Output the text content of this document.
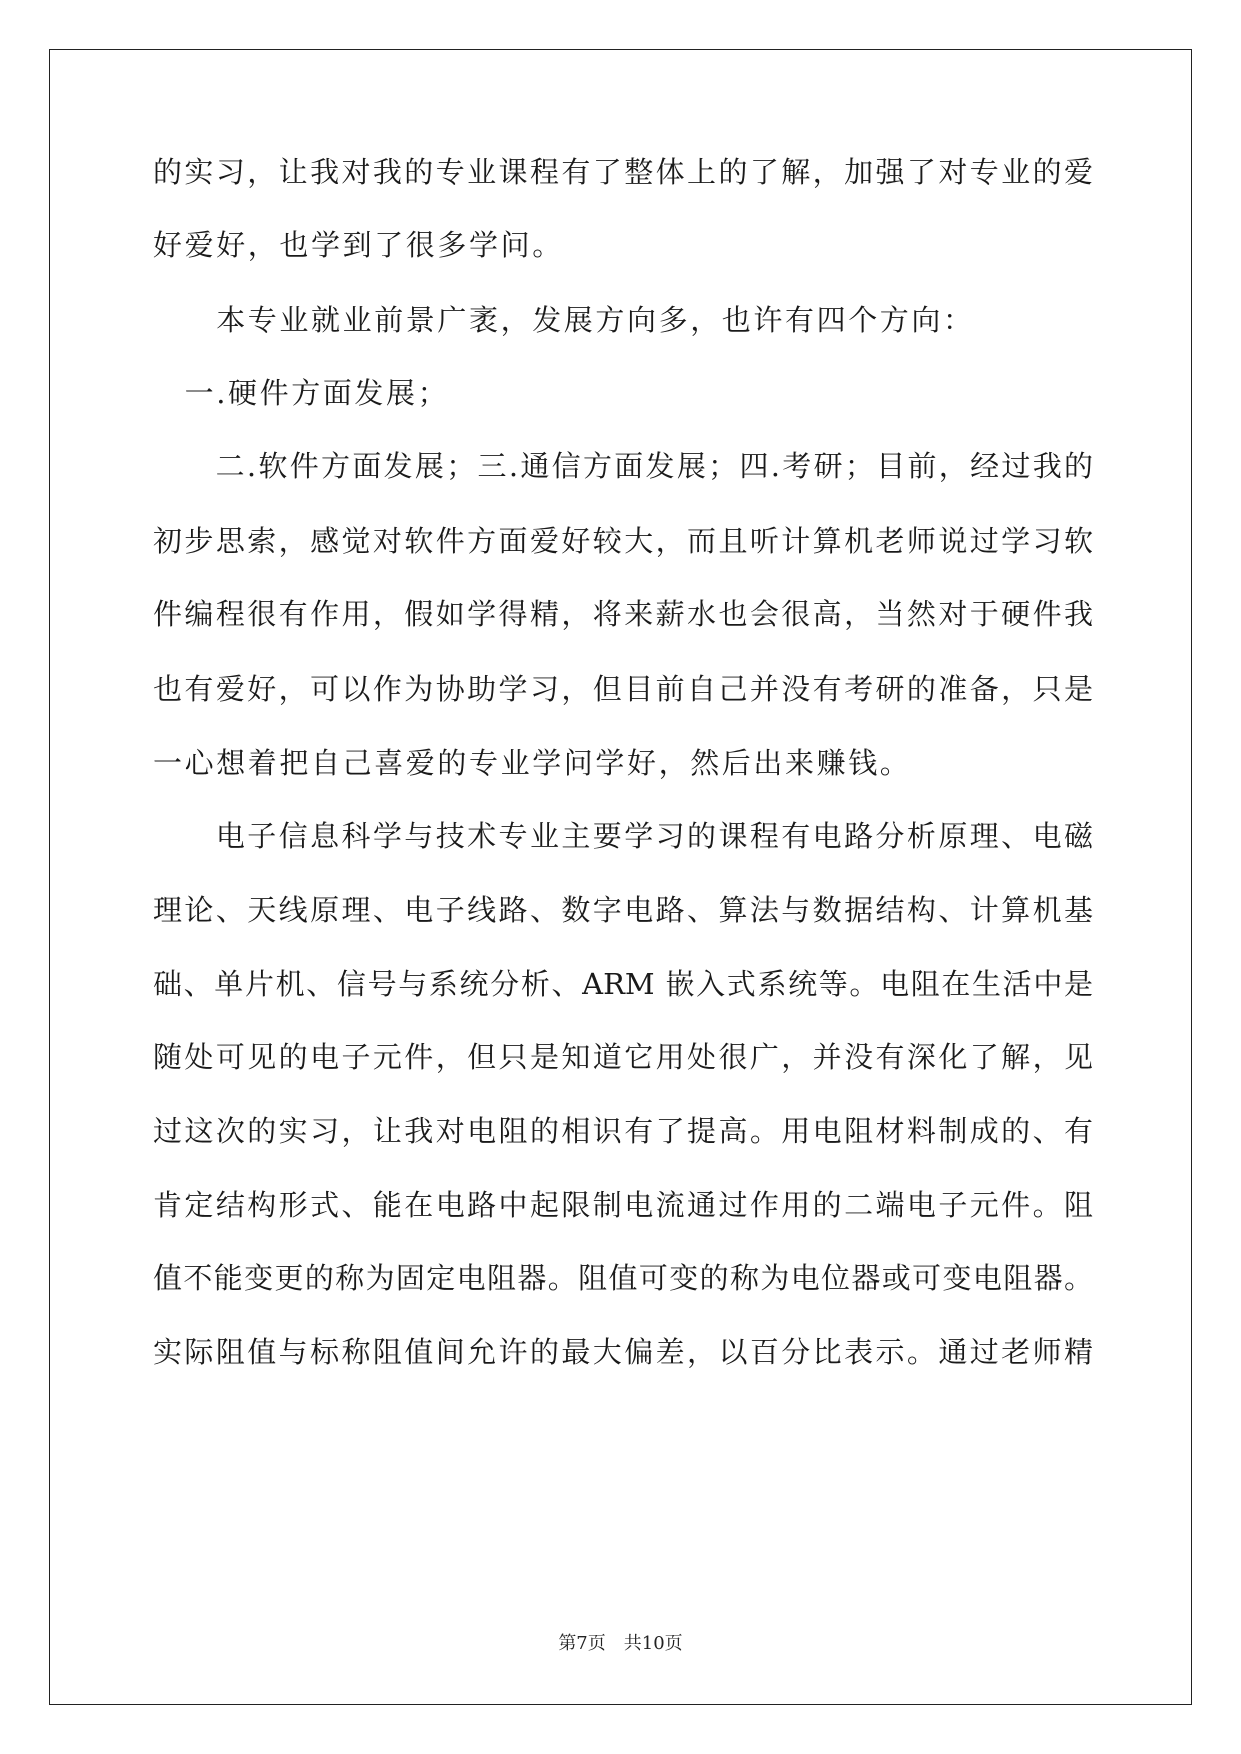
的实习，让我对我的专业课程有了整体上的了解，加强了对专业的爱
好爱好，也学到了很多学问。
　　本专业就业前景广袤，发展方向多，也许有四个方向：
　一.硬件方面发展；
　　二.软件方面发展；三.通信方面发展；四.考研；目前，经过我的
初步思索，感觉对软件方面爱好较大，而且听计算机老师说过学习软
件编程很有作用，假如学得精，将来薪水也会很高，当然对于硬件我
也有爱好，可以作为协助学习，但目前自己并没有考研的准备，只是
一心想着把自己喜爱的专业学问学好，然后出来赚钱。
　　电子信息科学与技术专业主要学习的课程有电路分析原理、电磁
理论、天线原理、电子线路、数字电路、算法与数据结构、计算机基
础、单片机、信号与系统分析、ARM 嵌入式系统等。电阻在生活中是
随处可见的电子元件，但只是知道它用处很广，并没有深化了解，见
过这次的实习，让我对电阻的相识有了提高。用电阻材料制成的、有
肯定结构形式、能在电路中起限制电流通过作用的二端电子元件。阻
值不能变更的称为固定电阻器。阻值可变的称为电位器或可变电阻器。
实际阻值与标称阻值间允许的最大偏差，以百分比表示。通过老师精
第7页　共10页
